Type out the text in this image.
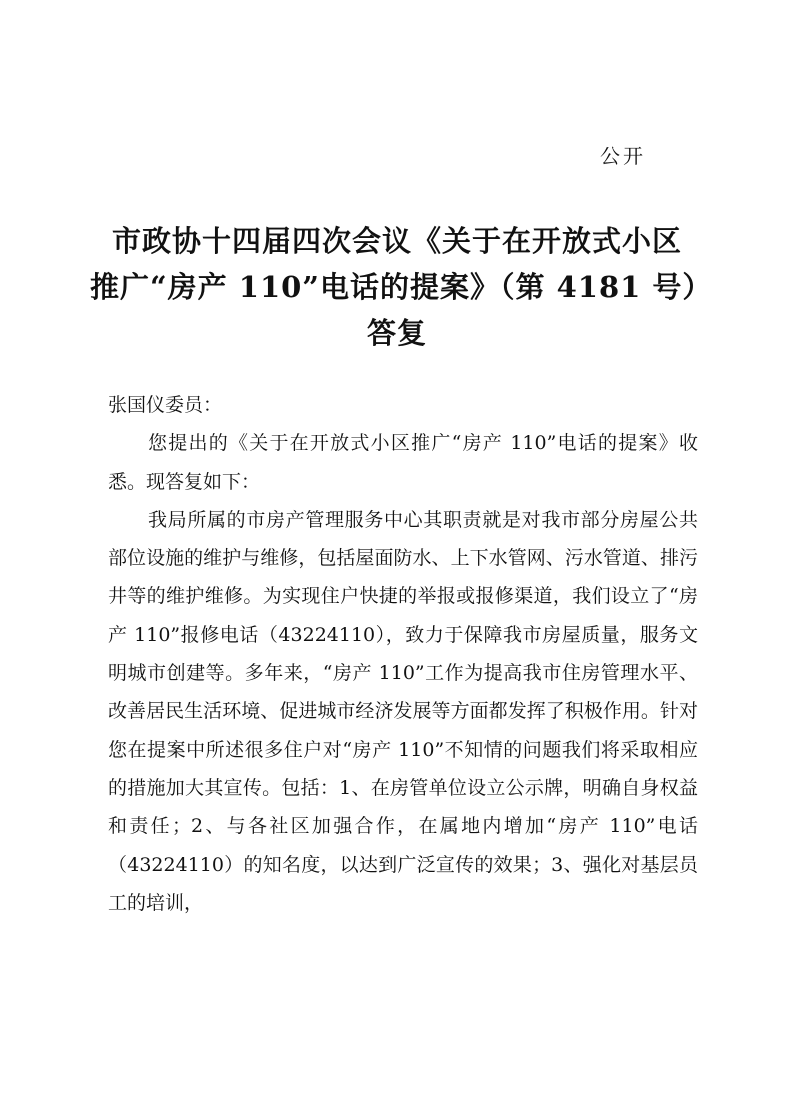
公开
市政协十四届四次会议《关于在开放式小区
推广“房产 110”电话的提案》（第 4181 号）
答复

张国仪委员：

您提出的《关于在开放式小区推广“房产 110”电话的提案》收悉。现答复如下：

我局所属的市房产管理服务中心其职责就是对我市部分房屋公共部位设施的维护与维修，包括屋面防水、上下水管网、污水管道、排污井等的维护维修。为实现住户快捷的举报或报修渠道，我们设立了“房产 110”报修电话（43224110），致力于保障我市房屋质量，服务文明城市创建等。多年来，“房产 110”工作为提高我市住房管理水平、改善居民生活环境、促进城市经济发展等方面都发挥了积极作用。针对您在提案中所述很多住户对“房产 110”不知情的问题我们将采取相应的措施加大其宣传。包括：1、在房管单位设立公示牌，明确自身权益和责任；2、与各社区加强合作，在属地内增加“房产 110”电话（43224110）的知名度，以达到广泛宣传的效果；3、强化对基层员工的培训，
